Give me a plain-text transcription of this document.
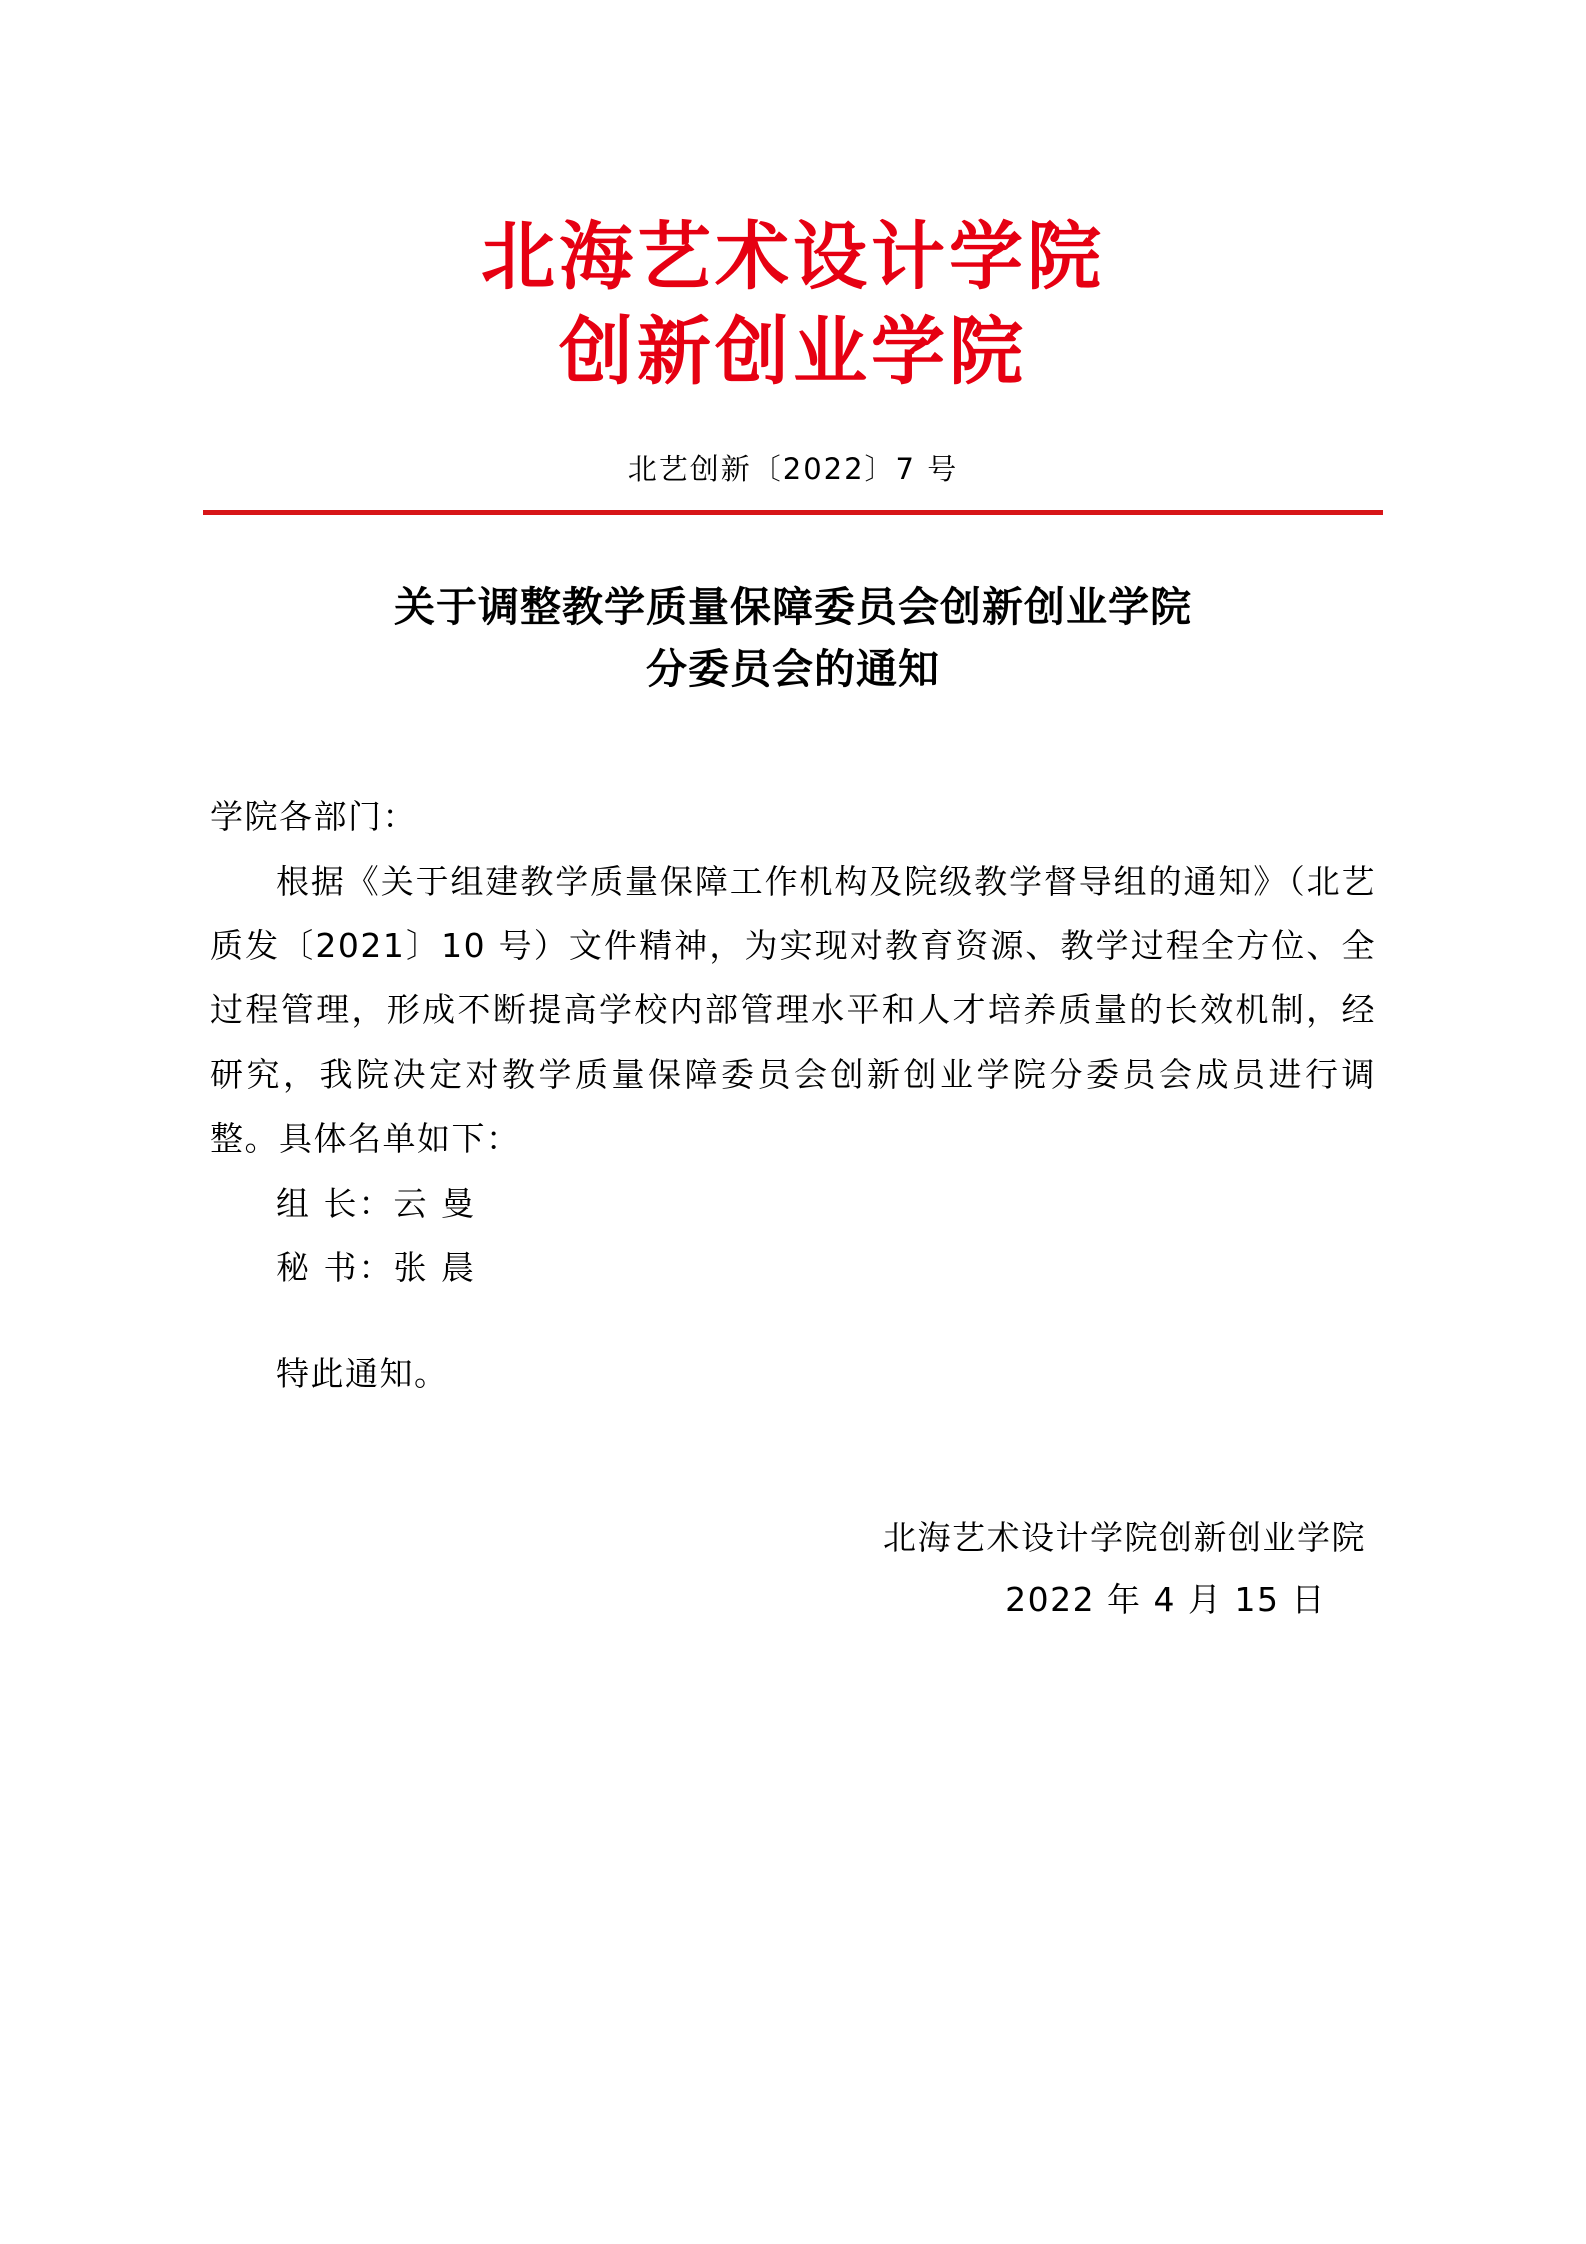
北海艺术设计学院
创新创业学院
北艺创新〔2022〕7 号
关于调整教学质量保障委员会创新创业学院
分委员会的通知

学院各部门：

根据《关于组建教学质量保障工作机构及院级教学督导组的通知》（北艺质发〔2021〕10 号）文件精神，为实现对教育资源、教学过程全方位、全过程管理，形成不断提高学校内部管理水平和人才培养质量的长效机制，经研究，我院决定对教学质量保障委员会创新创业学院分委员会成员进行调整。具体名单如下：

组 长：云 曼

秘 书：张 晨

特此通知。

北海艺术设计学院创新创业学院
2022 年 4 月 15 日
